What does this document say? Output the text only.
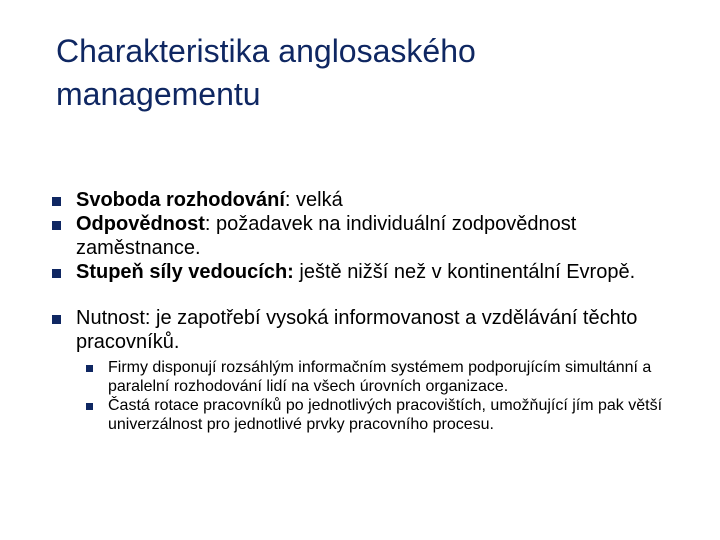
Charakteristika anglosaského managementu
Svoboda rozhodování: velká
Odpovědnost: požadavek na individuální zodpovědnost zaměstnance.
Stupeň síly vedoucích: ještě nižší než v kontinentální Evropě.
Nutnost: je zapotřebí vysoká informovanost a vzdělávání těchto pracovníků.
Firmy disponují rozsáhlým informačním systémem podporujícím simultánní a paralelní rozhodování lidí na všech úrovních organizace.
Častá rotace pracovníků po jednotlivých pracovištích, umožňující jím pak větší univerzálnost pro jednotlivé prvky pracovního procesu.
